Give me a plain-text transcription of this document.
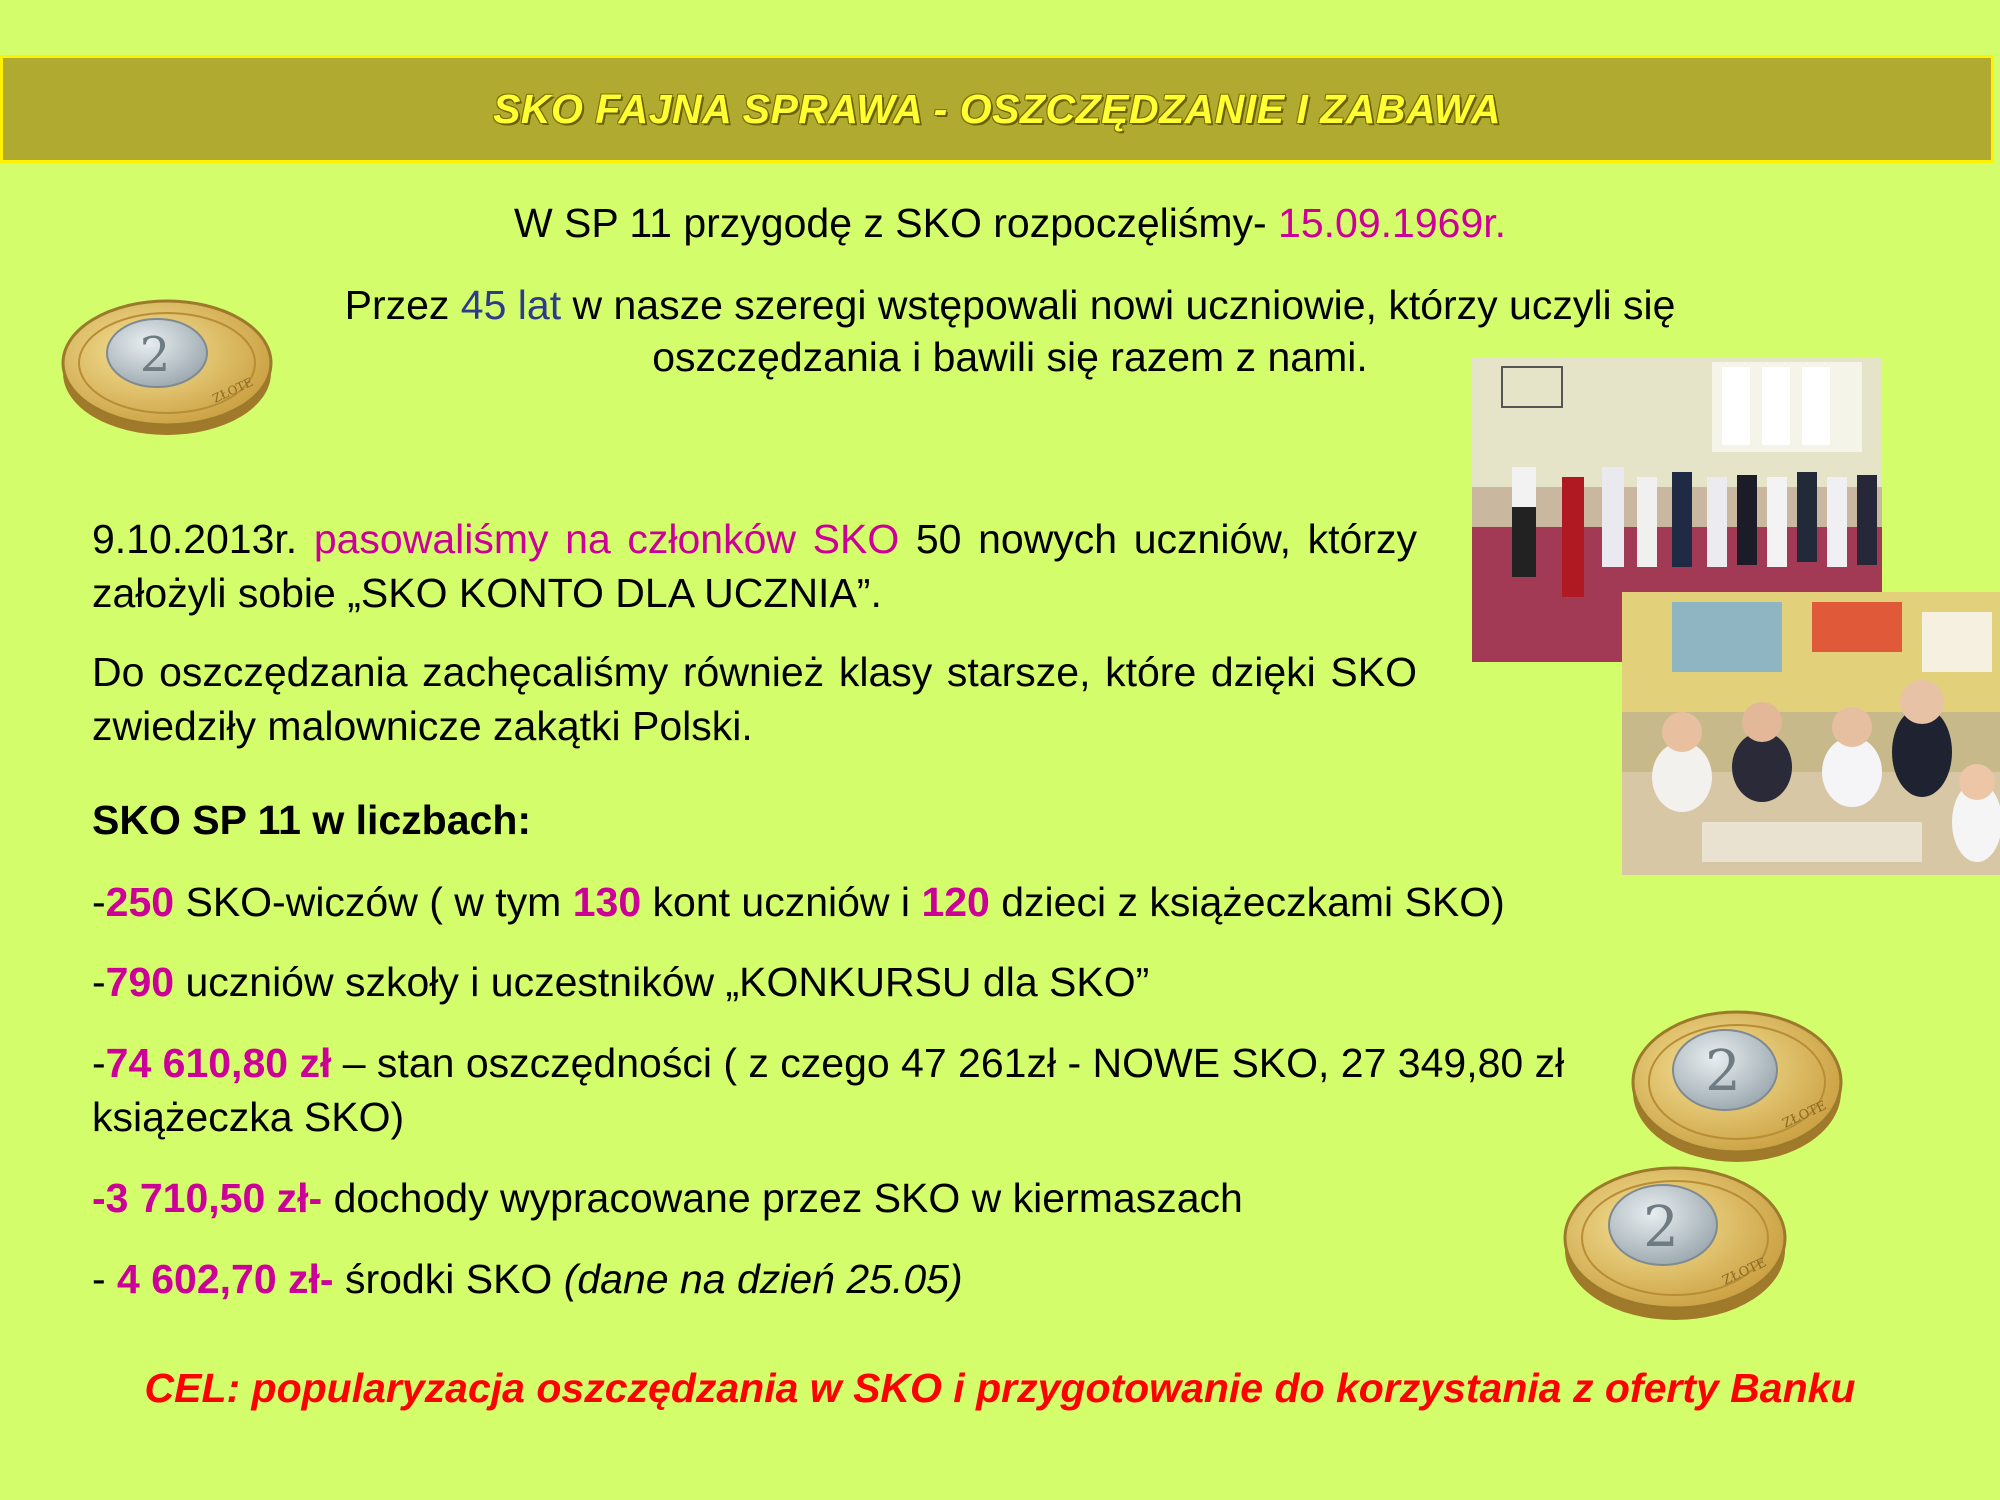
SKO FAJNA SPRAWA - OSZCZĘDZANIE I ZABAWA
W SP 11 przygodę z SKO rozpoczęliśmy- 15.09.1969r.
Przez 45 lat w nasze szeregi wstępowali nowi uczniowie, którzy uczyli się
oszczędzania i bawili się razem z nami.
2
ZŁOTE
9.10.2013r. pasowaliśmy na członków SKO 50 nowych uczniów, którzy założyli sobie „SKO KONTO DLA UCZNIA”.
Do oszczędzania zachęcaliśmy również klasy starsze, które dzięki SKO zwiedziły malownicze zakątki Polski.
SKO SP 11 w liczbach:
-250 SKO-wiczów ( w tym 130 kont uczniów i 120 dzieci z książeczkami SKO)
-790 uczniów szkoły i uczestników „KONKURSU dla SKO”
-74 610,80 zł – stan oszczędności ( z czego 47 261zł - NOWE SKO, 27 349,80 zł
książeczka SKO)
-3 710,50 zł- dochody wypracowane przez SKO w kiermaszach
- 4 602,70 zł- środki SKO (dane na dzień 25.05)
2
ZŁOTE
2
ZŁOTE
CEL: popularyzacja oszczędzania w SKO i przygotowanie do korzystania z oferty Banku
